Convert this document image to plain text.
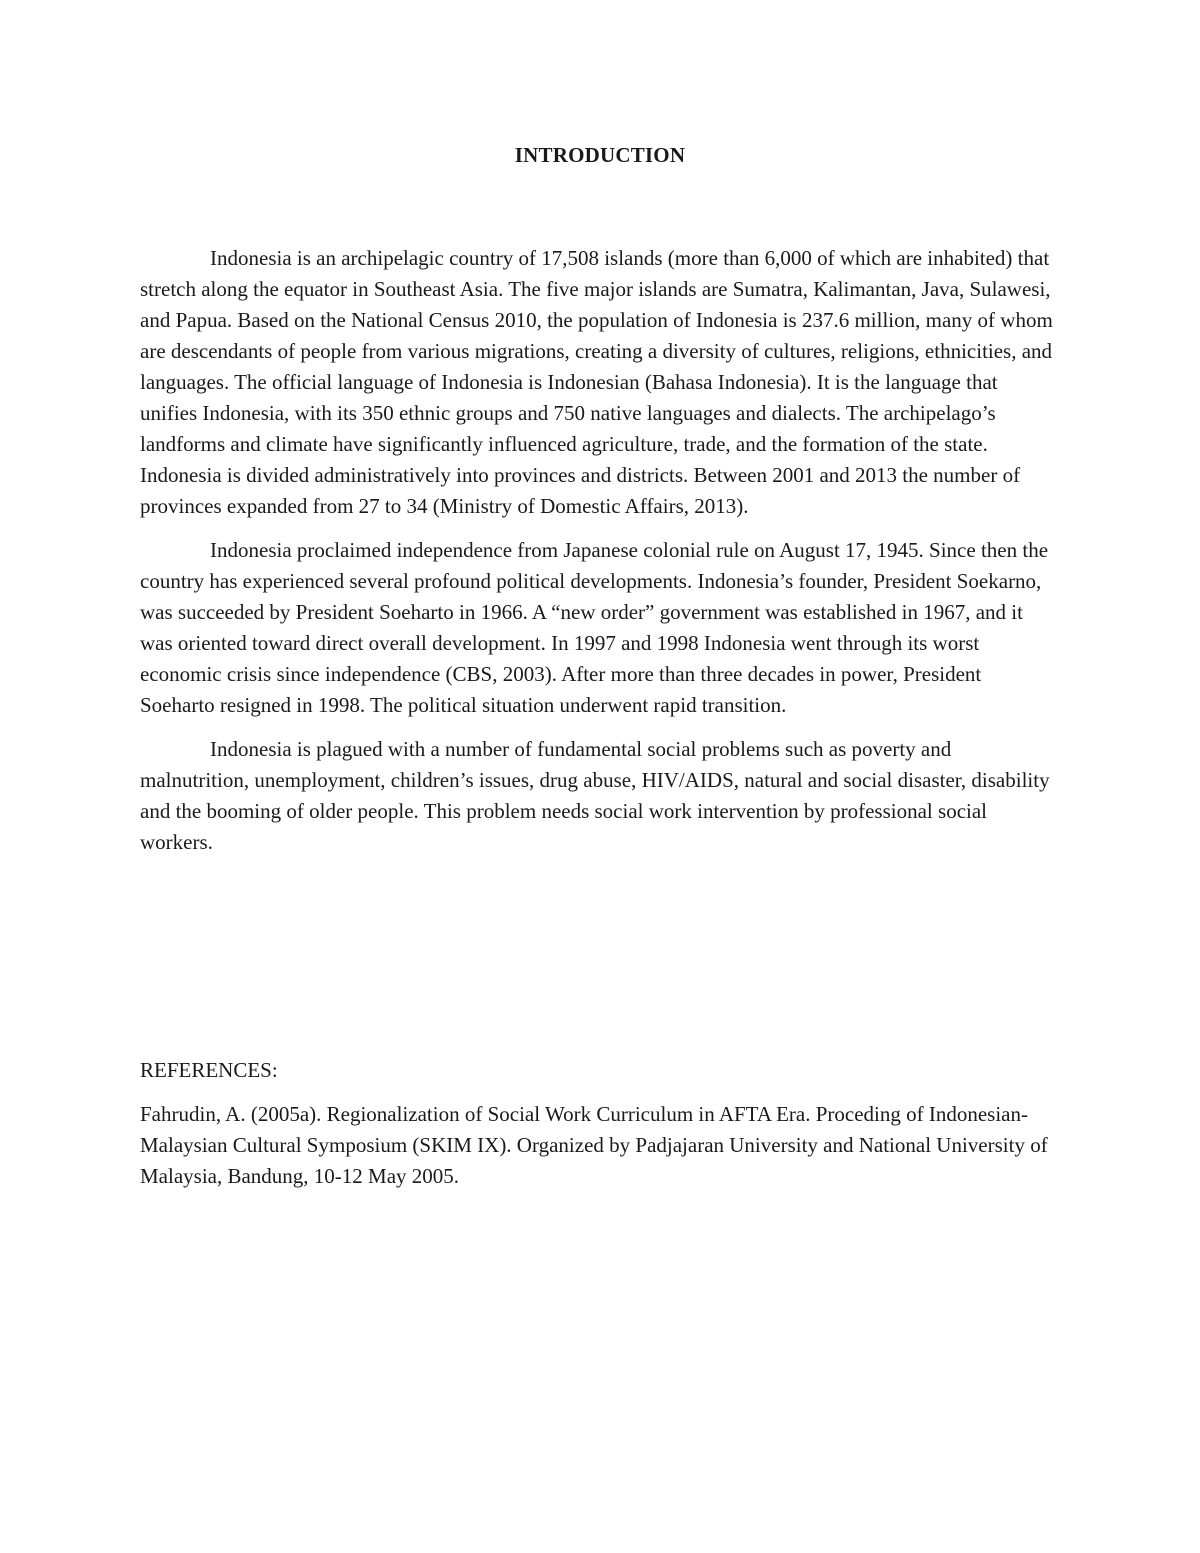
INTRODUCTION

Indonesia is an archipelagic country of 17,508 islands (more than 6,000 of which are inhabited) that stretch along the equator in Southeast Asia. The five major islands are Sumatra, Kalimantan, Java, Sulawesi, and Papua. Based on the National Census 2010, the population of Indonesia is 237.6 million, many of whom are descendants of people from various migrations, creating a diversity of cultures, religions, ethnicities, and languages. The official language of Indonesia is Indonesian (Bahasa Indonesia). It is the language that unifies Indonesia, with its 350 ethnic groups and 750 native languages and dialects. The archipelago’s landforms and climate have significantly influenced agriculture, trade, and the formation of the state. Indonesia is divided administratively into provinces and districts. Between 2001 and 2013 the number of provinces expanded from 27 to 34 (Ministry of Domestic Affairs, 2013).

Indonesia proclaimed independence from Japanese colonial rule on August 17, 1945. Since then the country has experienced several profound political developments. Indonesia’s founder, President Soekarno, was succeeded by President Soeharto in 1966. A “new order” government was established in 1967, and it was oriented toward direct overall development. In 1997 and 1998 Indonesia went through its worst economic crisis since independence (CBS, 2003). After more than three decades in power, President Soeharto resigned in 1998. The political situation underwent rapid transition.

Indonesia is plagued with a number of fundamental social problems such as poverty and malnutrition, unemployment, children’s issues, drug abuse, HIV/AIDS, natural and social disaster, disability and the booming of older people. This problem needs social work intervention by professional social workers.

REFERENCES:

Fahrudin, A. (2005a). Regionalization of Social Work Curriculum in AFTA Era. Proceding of Indonesian-Malaysian Cultural Symposium (SKIM IX). Organized by Padjajaran University and National University of Malaysia, Bandung, 10-12 May 2005.
